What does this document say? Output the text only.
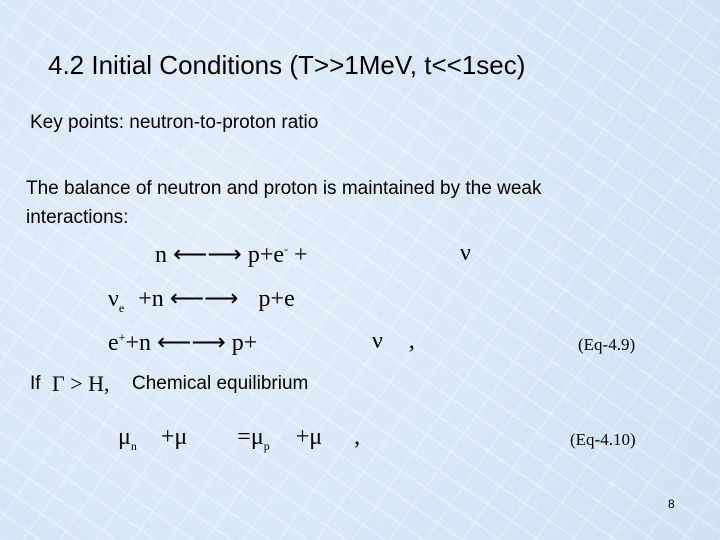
4.2 Initial Conditions (T>>1MeV, t<<1sec)
Key points: neutron-to-proton ratio
The balance of neutron and proton is maintained by the weak interactions:
n ⟵⟶ p+e- +	ν
$\nu_e +n$ ⟵⟶ p+e
e++n ⟵⟶ p+	ν ,	(Eq-4.9)
If Γ > H, Chemical equilibrium
$\mu_n +\mu =\mu_p +\mu$ ,	(Eq-4.10)
8
